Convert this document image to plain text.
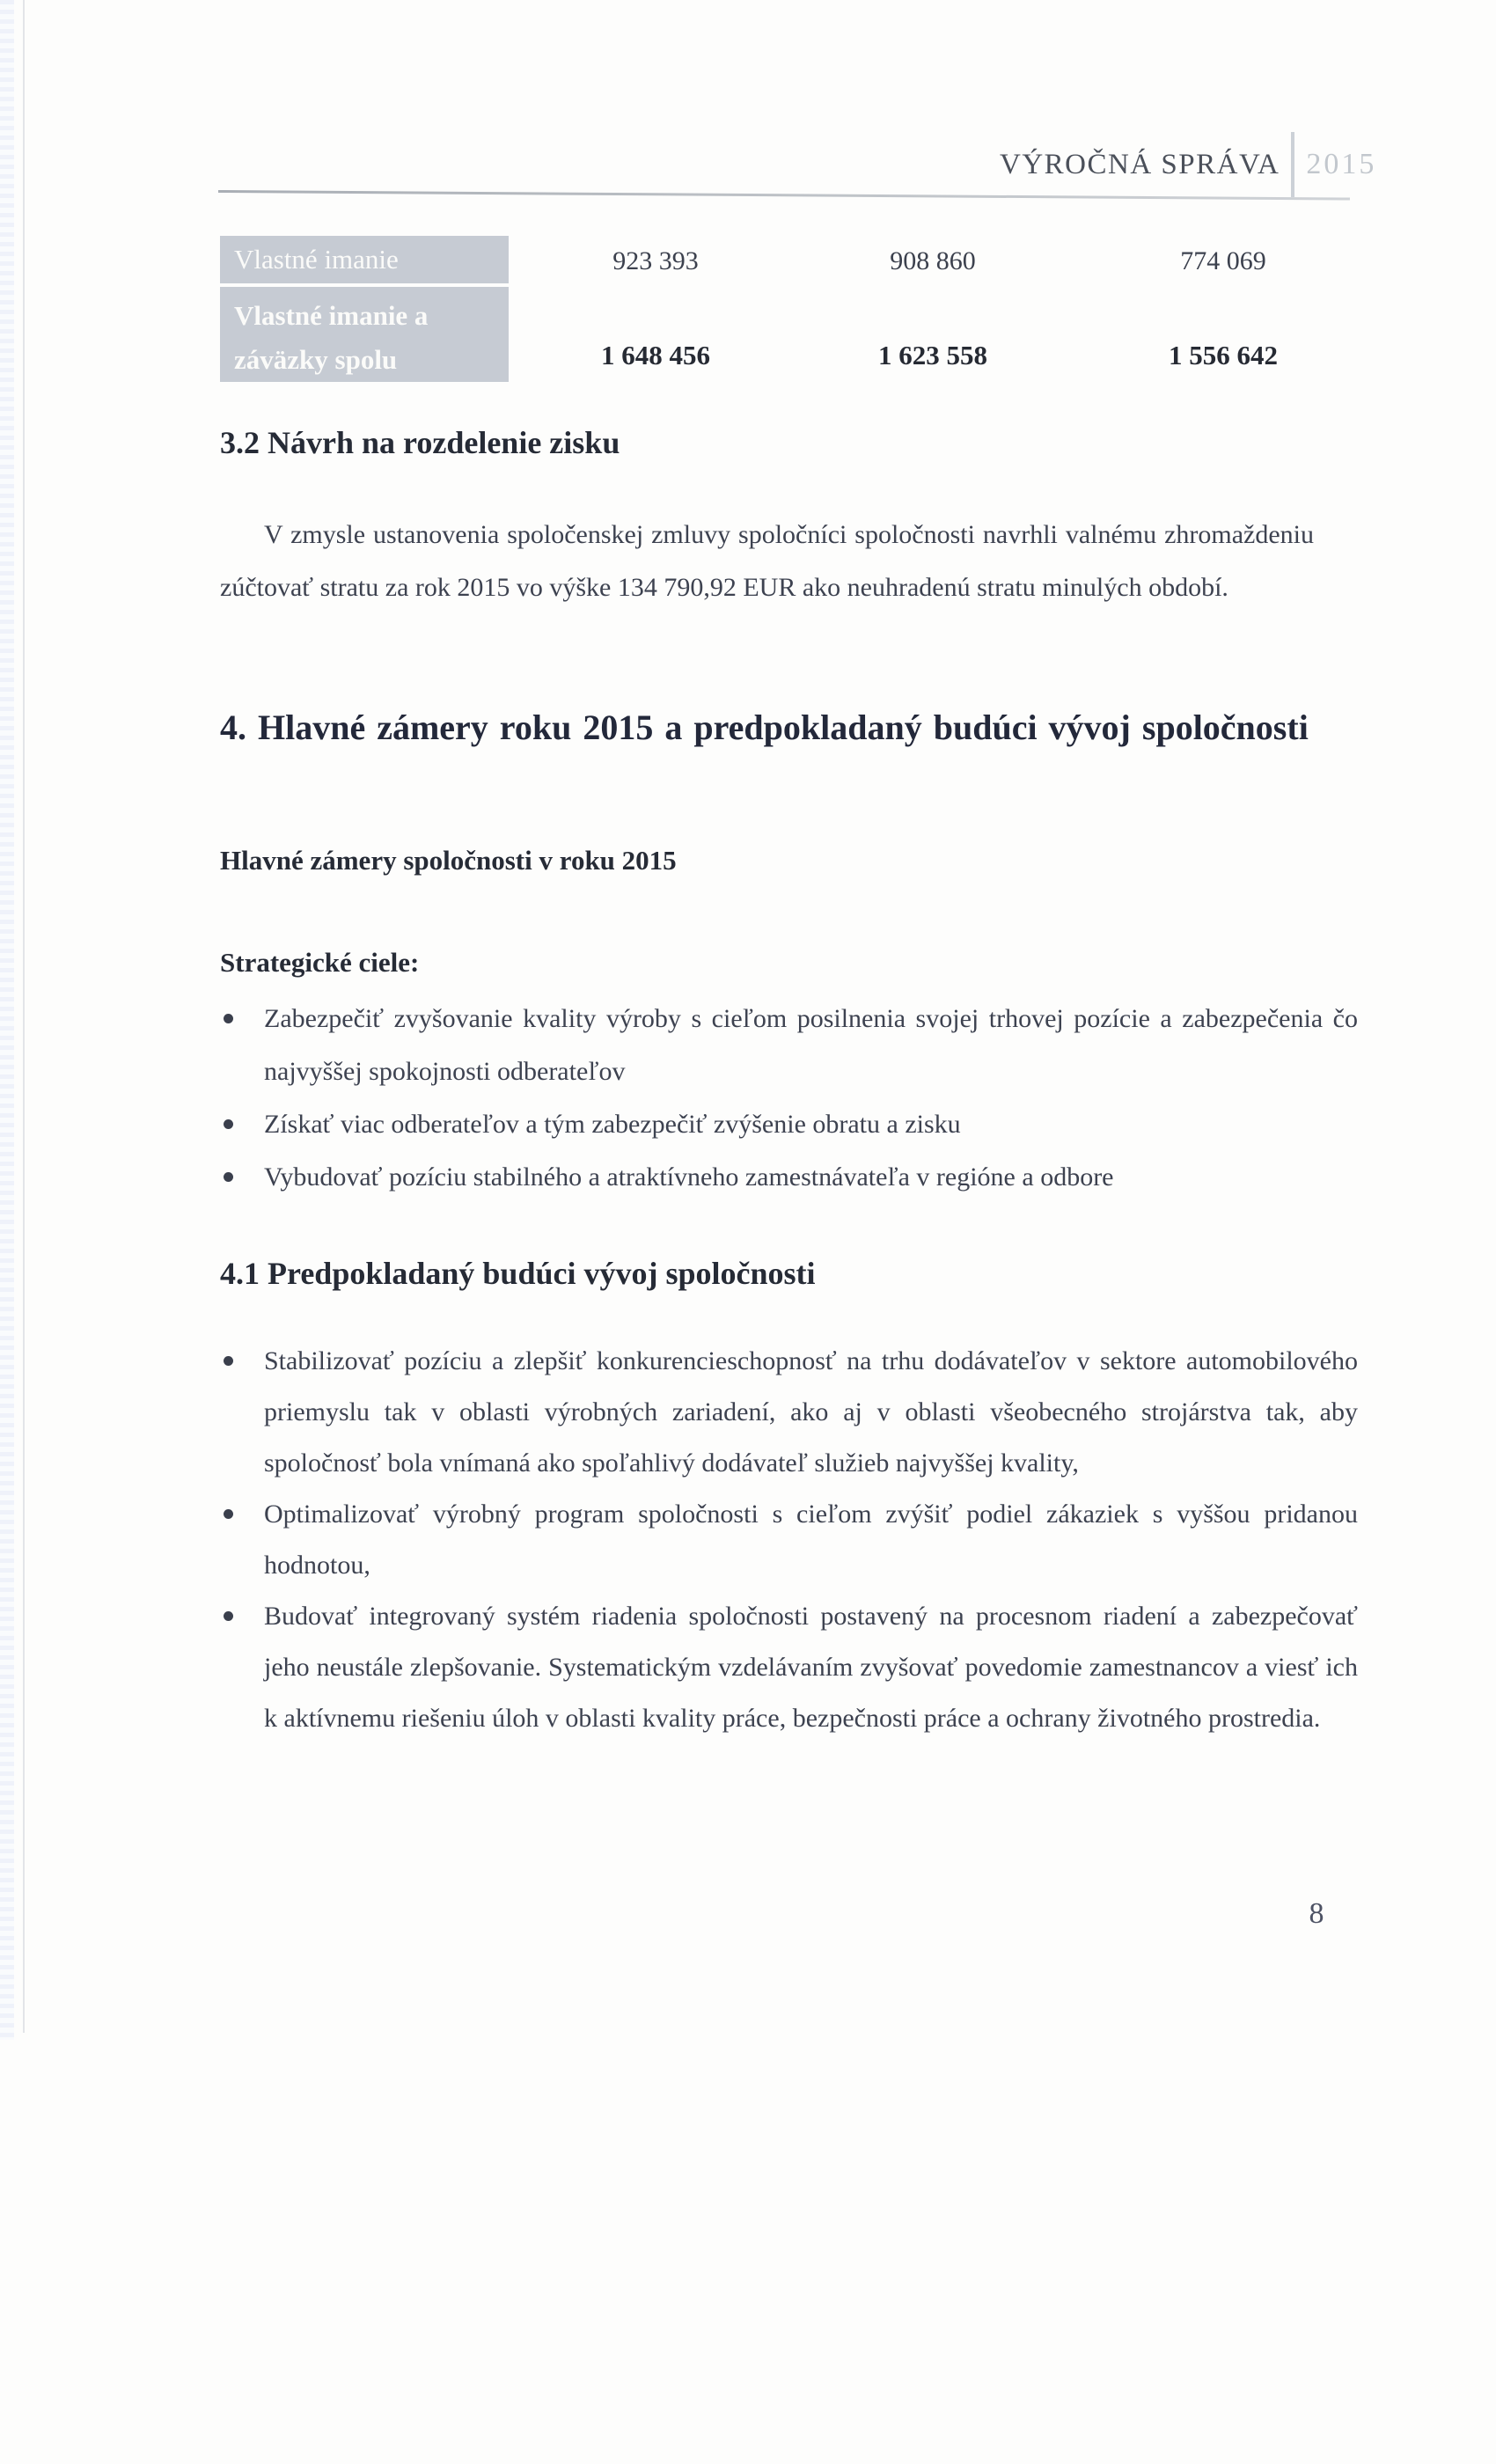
VÝROČNÁ SPRÁVA 2015
Vlastné imanie	923 393	908 860	774 069
Vlastné imanie a záväzky spolu	1 648 456	1 623 558	1 556 642
3.2 Návrh na rozdelenie zisku
V zmysle ustanovenia spoločenskej zmluvy spoločníci spoločnosti navrhli valnému zhromaždeniu zúčtovať stratu za rok 2015 vo výške 134 790,92 EUR ako neuhradenú stratu minulých období.
4. Hlavné zámery roku 2015 a predpokladaný budúci vývoj spoločnosti
Hlavné zámery spoločnosti v roku 2015
Strategické ciele:
Zabezpečiť zvyšovanie kvality výroby s cieľom posilnenia svojej trhovej pozície a zabezpečenia čo najvyššej spokojnosti odberateľov
Získať viac odberateľov a tým zabezpečiť zvýšenie obratu a zisku
Vybudovať pozíciu stabilného a atraktívneho zamestnávateľa v regióne a odbore
4.1 Predpokladaný budúci vývoj spoločnosti
Stabilizovať pozíciu a zlepšiť konkurencieschopnosť na trhu dodávateľov v sektore automobilového priemyslu tak v oblasti výrobných zariadení, ako aj v oblasti všeobecného strojárstva tak, aby spoločnosť bola vnímaná ako spoľahlivý dodávateľ služieb najvyššej kvality,
Optimalizovať výrobný program spoločnosti s cieľom zvýšiť podiel zákaziek s vyššou pridanou hodnotou,
Budovať integrovaný systém riadenia spoločnosti postavený na procesnom riadení a zabezpečovať jeho neustále zlepšovanie. Systematickým vzdelávaním zvyšovať povedomie zamestnancov a viesť ich k aktívnemu riešeniu úloh v oblasti kvality práce, bezpečnosti práce a ochrany životného prostredia.
8
